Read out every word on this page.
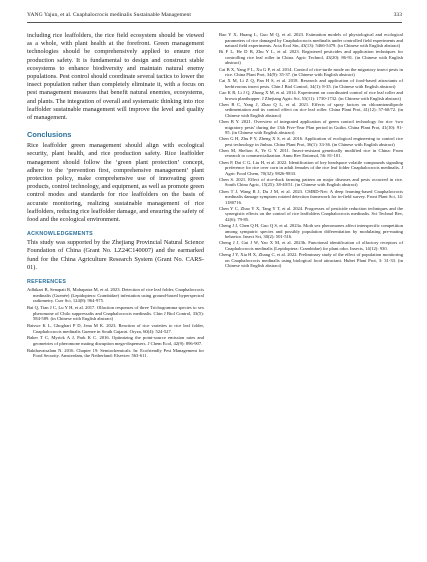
YANG Yajun, et al. Cnaphalocrocis medinalis Sustainable Management	333

including rice leaffolders, the rice field ecosystem should be viewed as a whole, with plant health at the forefront. Green management technologies should be comprehensively applied to ensure rice production safety. It is fundamental to design and construct stable ecosystems to enhance biodiversity and maintain natural enemy populations. Pest control should coordinate several tactics to lower the insect population rather than completely eliminate it, with a focus on pest management measures that benefit natural enemies, ecosystems, and plants. The integration of overall and systematic thinking into rice leaffolder sustainable management will improve the level and quality of management.

Conclusions

Rice leaffolder green management should align with ecological security, plant health, and rice production safety. Rice leaffolder management should follow the ‘green plant protection’ concept, adhere to the ‘prevention first, comprehensive management’ plant protection policy, make comprehensive use of innovating green products, control technology, and equipment, as well as promote green control modes and standards for rice leaffolders on the basis of accurate monitoring, realizing sustainable management of rice leaffolders, reducing rice leaffolder damage, and ensuring the safety of food and the ecological environment.

ACKNOWLEDGEMENTS

This study was supported by the Zhejiang Provincial Natural Science Foundation of China (Grant No. LZ24C140007) and the earmarked fund for the China Agriculture Research System (Grant No. CARS-01).

REFERENCES

Adhikari B, Senapati R, Mohapatra M, et al. 2023. Detection of rice leaf folder, Cnaphalocrocis medinalis (Guenée) (Lepidoptera: Crambidae) infestation using ground-based hyperspectral radiometry. Curr Sci, 124(8): 964-975.

Bai Q, Tian J C, Lu Y H, et al. 2017. Olfaction responses of three Trichogramma species to sex pheromone of Chilo suppressalis and Cnaphalocrocis medinalis. Chin J Biol Control, 33(5): 584-589. (in Chinese with English abstract)

Baiswe K L, Ghoghari P D, Jena M K. 2023. Reaction of rice varieties to rice leaf folder, Cnaphalocrocis medinalis Guenee in South Gujarat. Oryza, 60(4): 524-527.

Baker T C, Myrick A J, Park K C. 2016. Optimizing the point-source emission rates and geometries of pheromone mating disruption mega-dispensers. J Chem Ecol, 42(9): 896-907.

Bakthavatsalam N. 2016. Chapter 19: Semiochemicals. In: Ecofriendly Pest Management for Food Security. Amsterdam, the Netherland: Elsevier: 563-611.

Bao Y X, Huang L, Guo M Q, et al. 2023. Estimation models of physiological and ecological parameters of rice damaged by Cnaphalocrocis medinalis under controlled field experiments and natural field experiments. Acta Ecol Sin, 43(13): 5466-5479. (in Chinese with English abstract)

Bi F L, He D B, Zhu Y L, et al. 2023. Registered pesticides and application techniques for controlling rice leaf roller in China. Agric Technol, 43(20): 86-91. (in Chinese with English abstract)

Cai B X, Yang F L, Xu G P, et al. 2014. Control of rice-turtle mode on the migratory insect pests in rice. China Plant Prot, 34(9): 35-37. (in Chinese with English abstract)

Cai X M, Li Z Q, Pan H S, et al. 2018. Research and application of food-based attractants of herbivorous insect pests. Chin J Biol Control, 34(1): 8-35. (in Chinese with English abstract)

Cao K R, Li J Q, Zhong X M, et al. 2014. Experiment on coordinated control of rice leaf roller and brown planthopper. J Zhejiang Agric Sci, 55(11): 1730-1732. (in Chinese with English abstract)

Chen B C, Yang J, Zhao Q L, et al. 2021. Effects of spray factors on chlorantraniliprole sedimentation and its control effect on rice leaf roller. China Plant Prot, 41(12): 57-60/72. (in Chinese with English abstract)

Chen B Y. 2021. Overview of integrated application of green control technology for rice ‘two migratory pests’ during the 13th Five-Year Plan period in Guilin. China Plant Prot, 41(10): 91-95. (in Chinese with English abstract)

Chen G H, Zhu P Y, Zheng X S, et al. 2016. Application of ecological engineering to control rice pest technology in Jinhua. China Plant Prot, 36(1): 33-36. (in Chinese with English abstract)

Chen M, Shelton A, Ye G Y. 2011. Insect-resistant genetically modified rice in China: From research to commercialization. Annu Rev Entomol, 56: 81-101.

Chen P, Dai C G, Liu H, et al. 2022. Identification of key headspace volatile compounds signaling preference for rice over corn in adult females of the rice leaf folder Cnaphalocrocis medinalis. J Agric Food Chem, 70(32): 9826-9833.

Chen S. 2021. Effect of rice-duck farming pattern on major diseases and pests occurred in rice. South China Agric, 15(25): 38-40/51. (in Chinese with English abstract)

Chen T J, Wang R J, Du J M, et al. 2023. CMRD-Net: A deep learning-based Cnaphalocrocis medinalis damage symptom rotated detection framework for in-field survey. Front Plant Sci, 14: 1180716.

Chen Y C, Zhao Y X, Tang Y T, et al. 2024. Progresses of pesticide reduction techniques and the synergistic effects on the control of rice leaffolders Cnaphalocrocis medinalis. Sci Technol Rev, 42(6): 79-85.

Cheng J J, Chen Q H, Guo Q S, et al. 2023a. Moth sex pheromones affect interspecific competition among sympatric species and possibly population differentiation by modulating pre-mating behavior. Insect Sci, 30(2): 501-516.

Cheng J J, Gui J W, Yao X M, et al. 2023b. Functional identification of olfactory receptors of Cnaphalocrocis medinalis (Lepidoptera: Crambidae) for plant odor. Insects, 14(12): 930.

Cheng J Y, Xia H X, Zhang C, et al. 2022. Preliminary study of the effect of population monitoring on Cnaphalocrocis medinalis using biological food attractant. Hubei Plant Prot, 3: 31-33. (in Chinese with English abstract)
